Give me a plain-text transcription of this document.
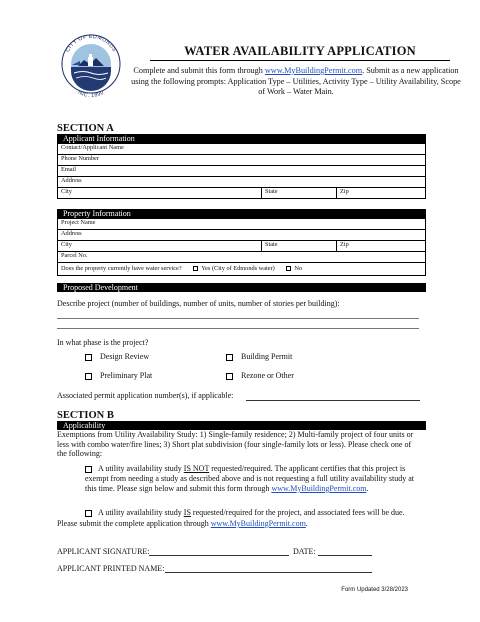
CITY OF EDMONDS
INC. 1890
WATER AVAILABILITY APPLICATION
Complete and submit this form through www.MyBuildingPermit.com. Submit as a new application using the following prompts: Application Type – Utilities, Activity Type – Utility Availability, Scope of Work – Water Main.
SECTION A
Applicant Information
Contact/Applicant Name
Phone Number
Email
Address
City	State	Zip
Property Information
Project Name
Address
City	State	Zip
Parcel No.
Does the property currently have water service?	Yes (City of Edmonds water)	No
Proposed Development
Describe project (number of buildings, number of units, number of stories per building):
In what phase is the project?
Design Review	Building Permit
Preliminary Plat	Rezone or Other
Associated permit application number(s), if applicable:
SECTION B
Applicability
Exemptions from Utility Availability Study: 1) Single-family residence; 2) Multi-family project of four units or less with combo water/fire lines; 3) Short plat subdivision (four single-family lots or less). Please check one of the following:
A utility availability study IS NOT requested/required. The applicant certifies that this project is exempt from needing a study as described above and is not requesting a full utility availability study at this time. Please sign below and submit this form through www.MyBuildingPermit.com.
A utility availability study IS requested/required for the project, and associated fees will be due. Please submit the complete application through www.MyBuildingPermit.com.
APPLICANT SIGNATURE:	DATE:
APPLICANT PRINTED NAME:
Form Updated 3/28/2023
